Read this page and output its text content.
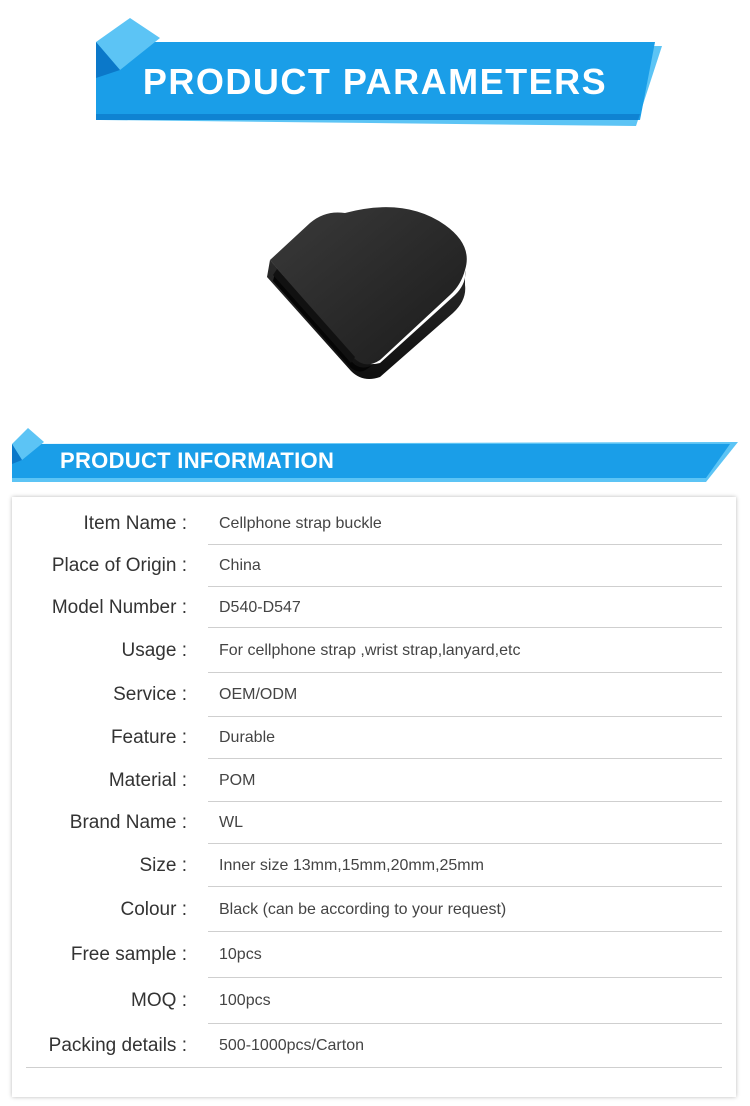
PRODUCT PARAMETERS
PRODUCT INFORMATION
Item Name : Cellphone strap buckle
Place of Origin : China
Model Number : D540-D547
Usage : For cellphone strap ,wrist strap,lanyard,etc
Service : OEM/ODM
Feature : Durable
Material : POM
Brand Name : WL
Size : Inner size 13mm,15mm,20mm,25mm
Colour : Black (can be according to your request)
Free sample : 10pcs
MOQ : 100pcs
Packing details : 500-1000pcs/Carton
